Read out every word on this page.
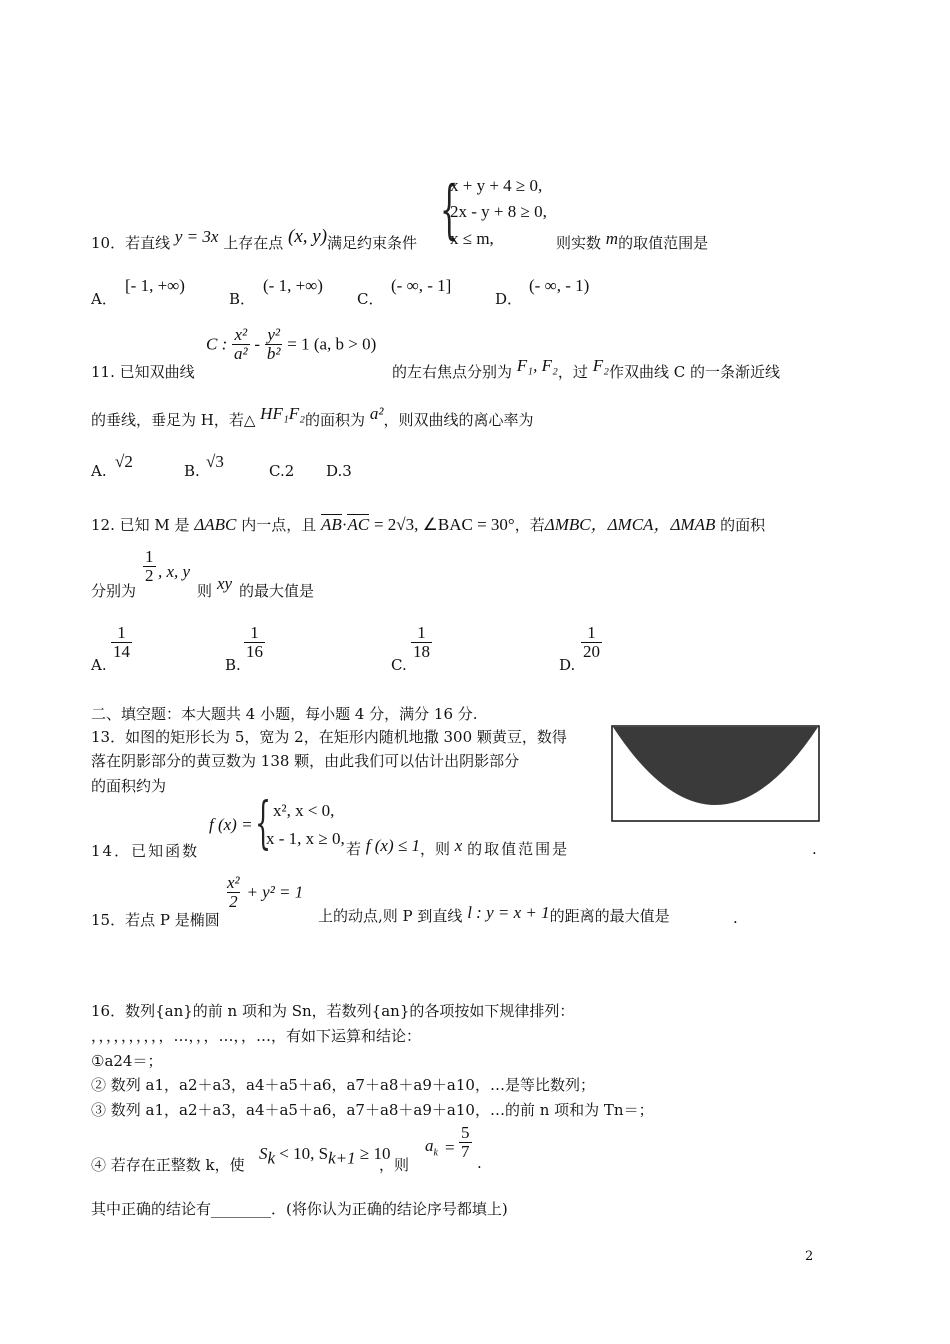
{
x + y + 4 ≥ 0,
2x - y + 8 ≥ 0,
x ≤ m,
10．若直线 y = 3x 上存在点 (x, y)满足约束条件	则实数 m的取值范围是
A．
[- 1, +∞)
B．
(- 1, +∞)
C．
(- ∞, - 1]
D．
(- ∞, - 1)
C : $\frac{\text{x²}}{\text{a²}} - \frac{\text{y²}}{\text{b²}} = 1$ (a, b > 0)
11. 已知双曲线	的左右焦点分别为 F₁, F₂，过 F₂作双曲线 C 的一条渐近线
的垂线，垂足为 H，若△ HF₁F₂的面积为 a²，则双曲线的离心率为
A. √2	B. √3	C.2 D.3
12. 已知 M 是 ΔABC 内一点，且 AB·AC = 2√3, ∠BAC = 30°，若ΔMBC，ΔMCA，ΔMAB 的面积
分别为
$\frac{1}{2}$ , x, y
则 xy 的最大值是
A.
$\frac{1}{14}$
B.
$\frac{1}{16}$
C.
$\frac{1}{18}$
D.
$\frac{1}{20}$
二、填空题：本大题共 4 小题，每小题 4 分，满分 16 分.
13．如图的矩形长为 5，宽为 2，在矩形内随机地撒 300 颗黄豆，数得
落在阴影部分的黄豆数为 138 颗，由此我们可以估计出阴影部分
的面积约为
f (x) = { x², x < 0,
x - 1, x ≥ 0,
14．已知函数	若 f (x) ≤ 1，则 x 的取值范围是	.
$\frac{\text{x²}}{2} + y^2 = 1$
15．若点 P 是椭圆	上的动点,则 P 到直线 l : y = x + 1的距离的最大值是	.
16．数列{an}的前 n 项和为 Sn，若数列{an}的各项按如下规律排列：
，，，，，，，，，，…，，，…，，…，有如下运算和结论：
①a24＝；
② 数列 a1，a2＋a3，a4＋a5＋a6，a7＋a8＋a9＋a10，…是等比数列；
③ 数列 a1，a2＋a3，a4＋a5＋a6，a7＋a8＋a9＋a10，…的前 n 项和为 Tn＝；
④ 若存在正整数 k，使
$S_k < 10$, $S_{k+1} \ge 10$
，则
$a_k = \frac{5}{7}$
.
其中正确的结论有________．(将你认为正确的结论序号都填上)
2
